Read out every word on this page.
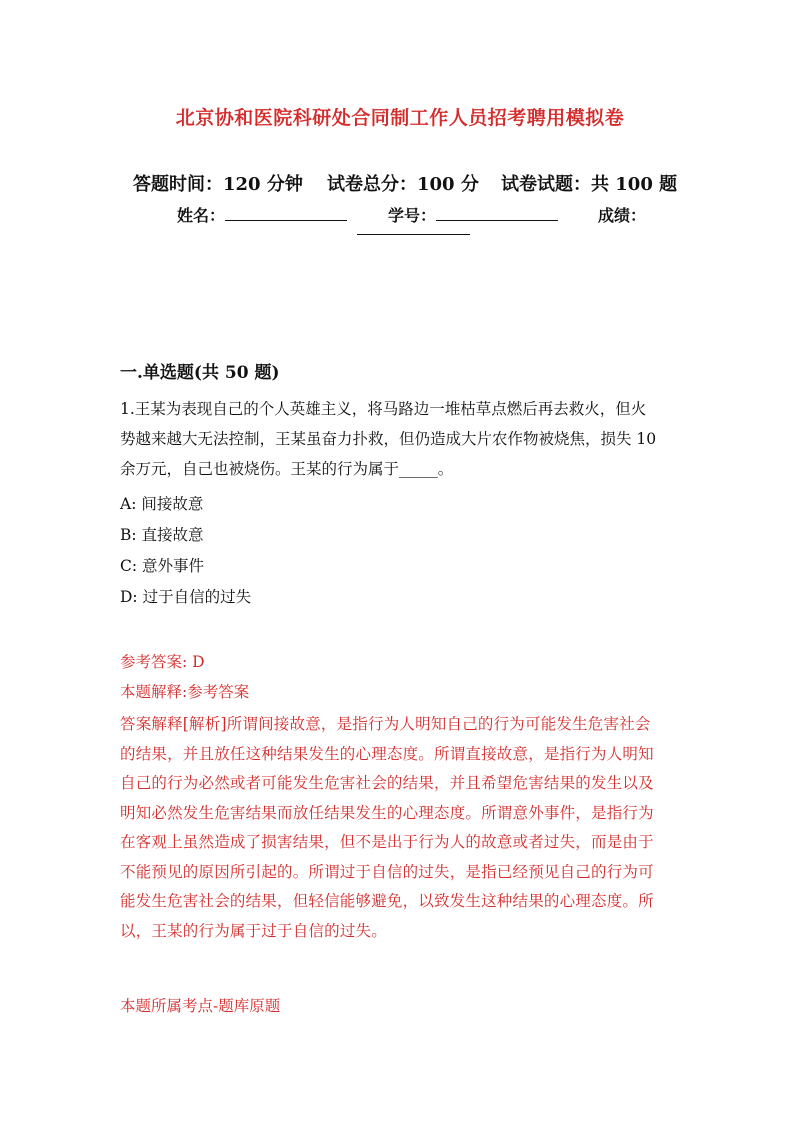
北京协和医院科研处合同制工作人员招考聘用模拟卷
答题时间：120 分钟 试卷总分：100 分 试卷试题：共 100 题
姓名：	学号：	成绩：
一.单选题(共 50 题)
1.王某为表现自己的个人英雄主义，将马路边一堆枯草点燃后再去救火，但火
势越来越大无法控制，王某虽奋力扑救，但仍造成大片农作物被烧焦，损失 10
余万元，自己也被烧伤。王某的行为属于_____。
A: 间接故意
B: 直接故意
C: 意外事件
D: 过于自信的过失
参考答案: D
本题解释:参考答案
答案解释[解析]所谓间接故意，是指行为人明知自己的行为可能发生危害社会
的结果，并且放任这种结果发生的心理态度。所谓直接故意，是指行为人明知
自己的行为必然或者可能发生危害社会的结果，并且希望危害结果的发生以及
明知必然发生危害结果而放任结果发生的心理态度。所谓意外事件，是指行为
在客观上虽然造成了损害结果，但不是出于行为人的故意或者过失，而是由于
不能预见的原因所引起的。所谓过于自信的过失，是指已经预见自己的行为可
能发生危害社会的结果，但轻信能够避免，以致发生这种结果的心理态度。所
以，王某的行为属于过于自信的过失。
本题所属考点-题库原题
